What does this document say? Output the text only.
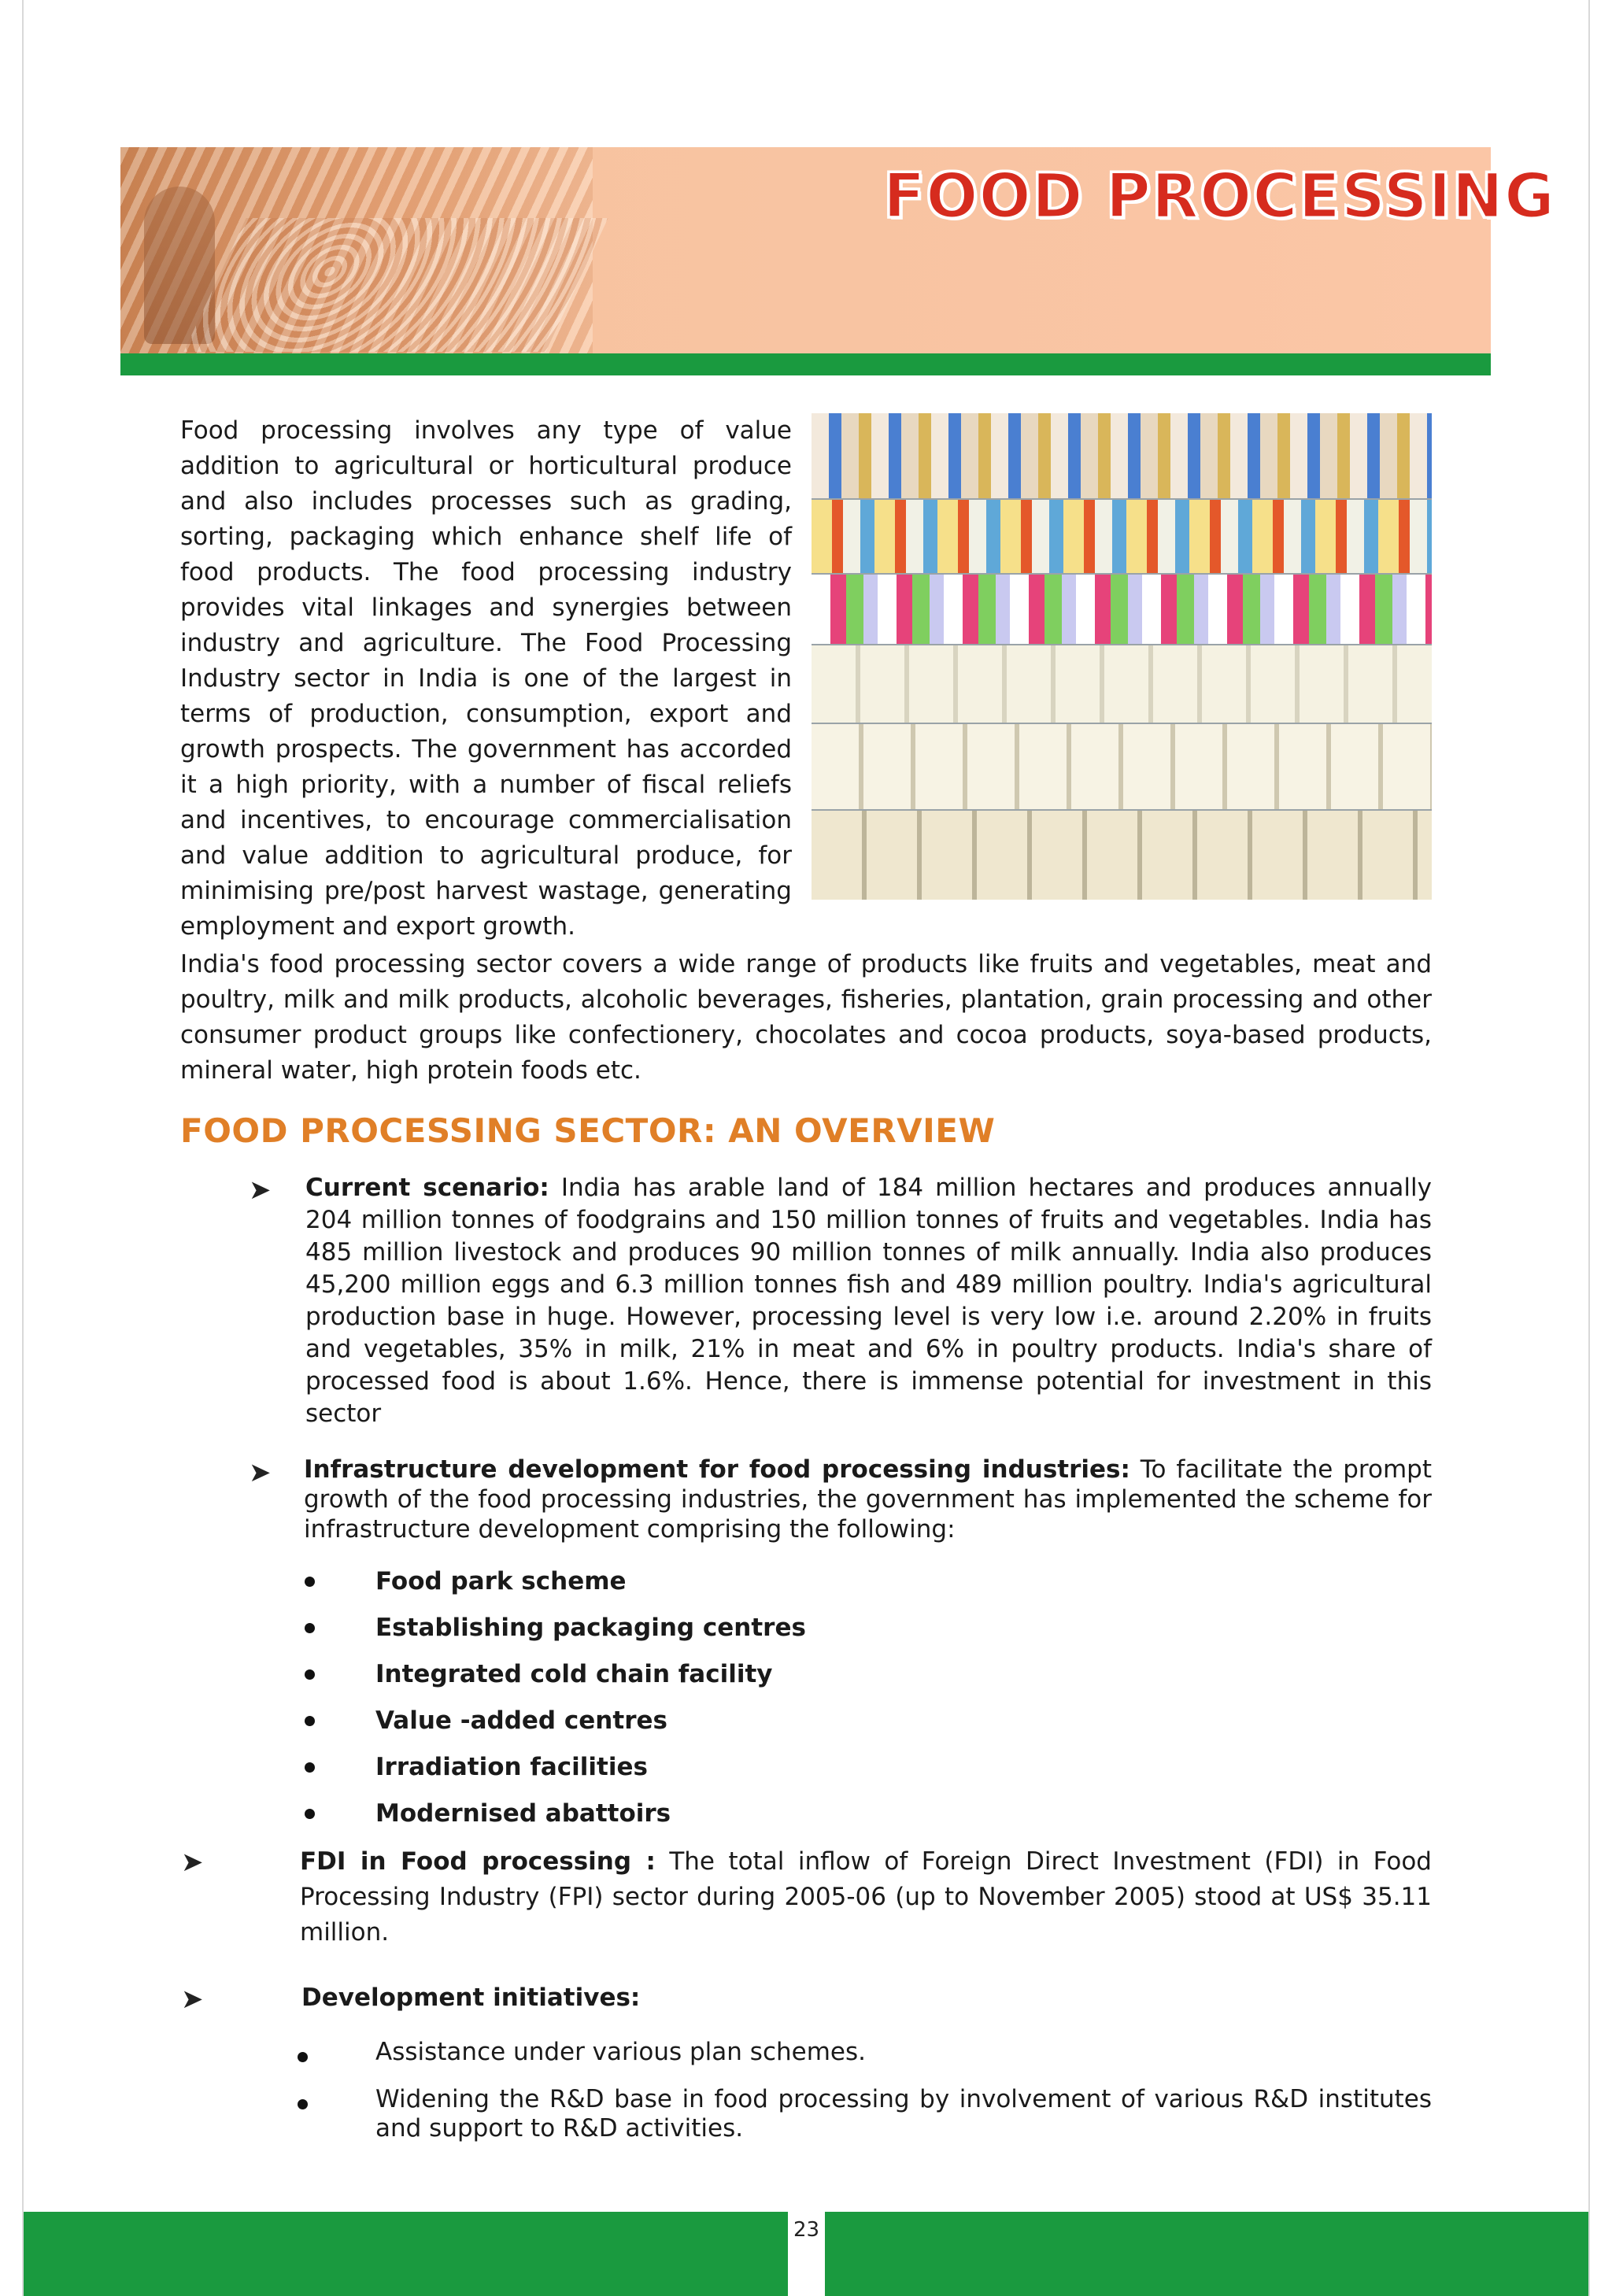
FOOD PROCESSING

Food processing involves any type of value addition to agricultural or horticultural produce and also includes processes such as grading, sorting, packaging which enhance shelf life of food products. The food processing industry provides vital linkages and synergies between industry and agriculture. The Food Processing Industry sector in India is one of the largest in terms of production, consumption, export and growth prospects. The government has accorded it a high priority, with a number of fiscal reliefs and incentives, to encourage commercialisation and value addition to agricultural produce, for minimising pre/post harvest wastage, generating employment and export growth.

India's food processing sector covers a wide range of products like fruits and vegetables, meat and poultry, milk and milk products, alcoholic beverages, fisheries, plantation, grain processing and other consumer product groups like confectionery, chocolates and cocoa products, soya-based products, mineral water, high protein foods etc.

FOOD PROCESSING SECTOR: AN OVERVIEW
➤ Current scenario: India has arable land of 184 million hectares and produces annually 204 million tonnes of foodgrains and 150 million tonnes of fruits and vegetables. India has 485 million livestock and produces 90 million tonnes of milk annually. India also produces 45,200 million eggs and 6.3 million tonnes fish and 489 million poultry. India's agricultural production base in huge. However, processing level is very low i.e. around 2.20% in fruits and vegetables, 35% in milk, 21% in meat and 6% in poultry products. India's share of processed food is about 1.6%. Hence, there is immense potential for investment in this sector

➤ Infrastructure development for food processing industries: To facilitate the prompt growth of the food processing industries, the government has implemented the scheme for infrastructure development comprising the following:

Food park scheme
Establishing packaging centres
Integrated cold chain facility
Value -added centres
Irradiation facilities
Modernised abattoirs
➤	FDI in Food processing : The total inflow of Foreign Direct Investment (FDI) in Food Processing Industry (FPI) sector during 2005-06 (up to November 2005) stood at US$ 35.11 million.

➤	Development initiatives:

Assistance under various plan schemes.
Widening the R&D base in food processing by involvement of various R&D institutes and support to R&D activities.
23
